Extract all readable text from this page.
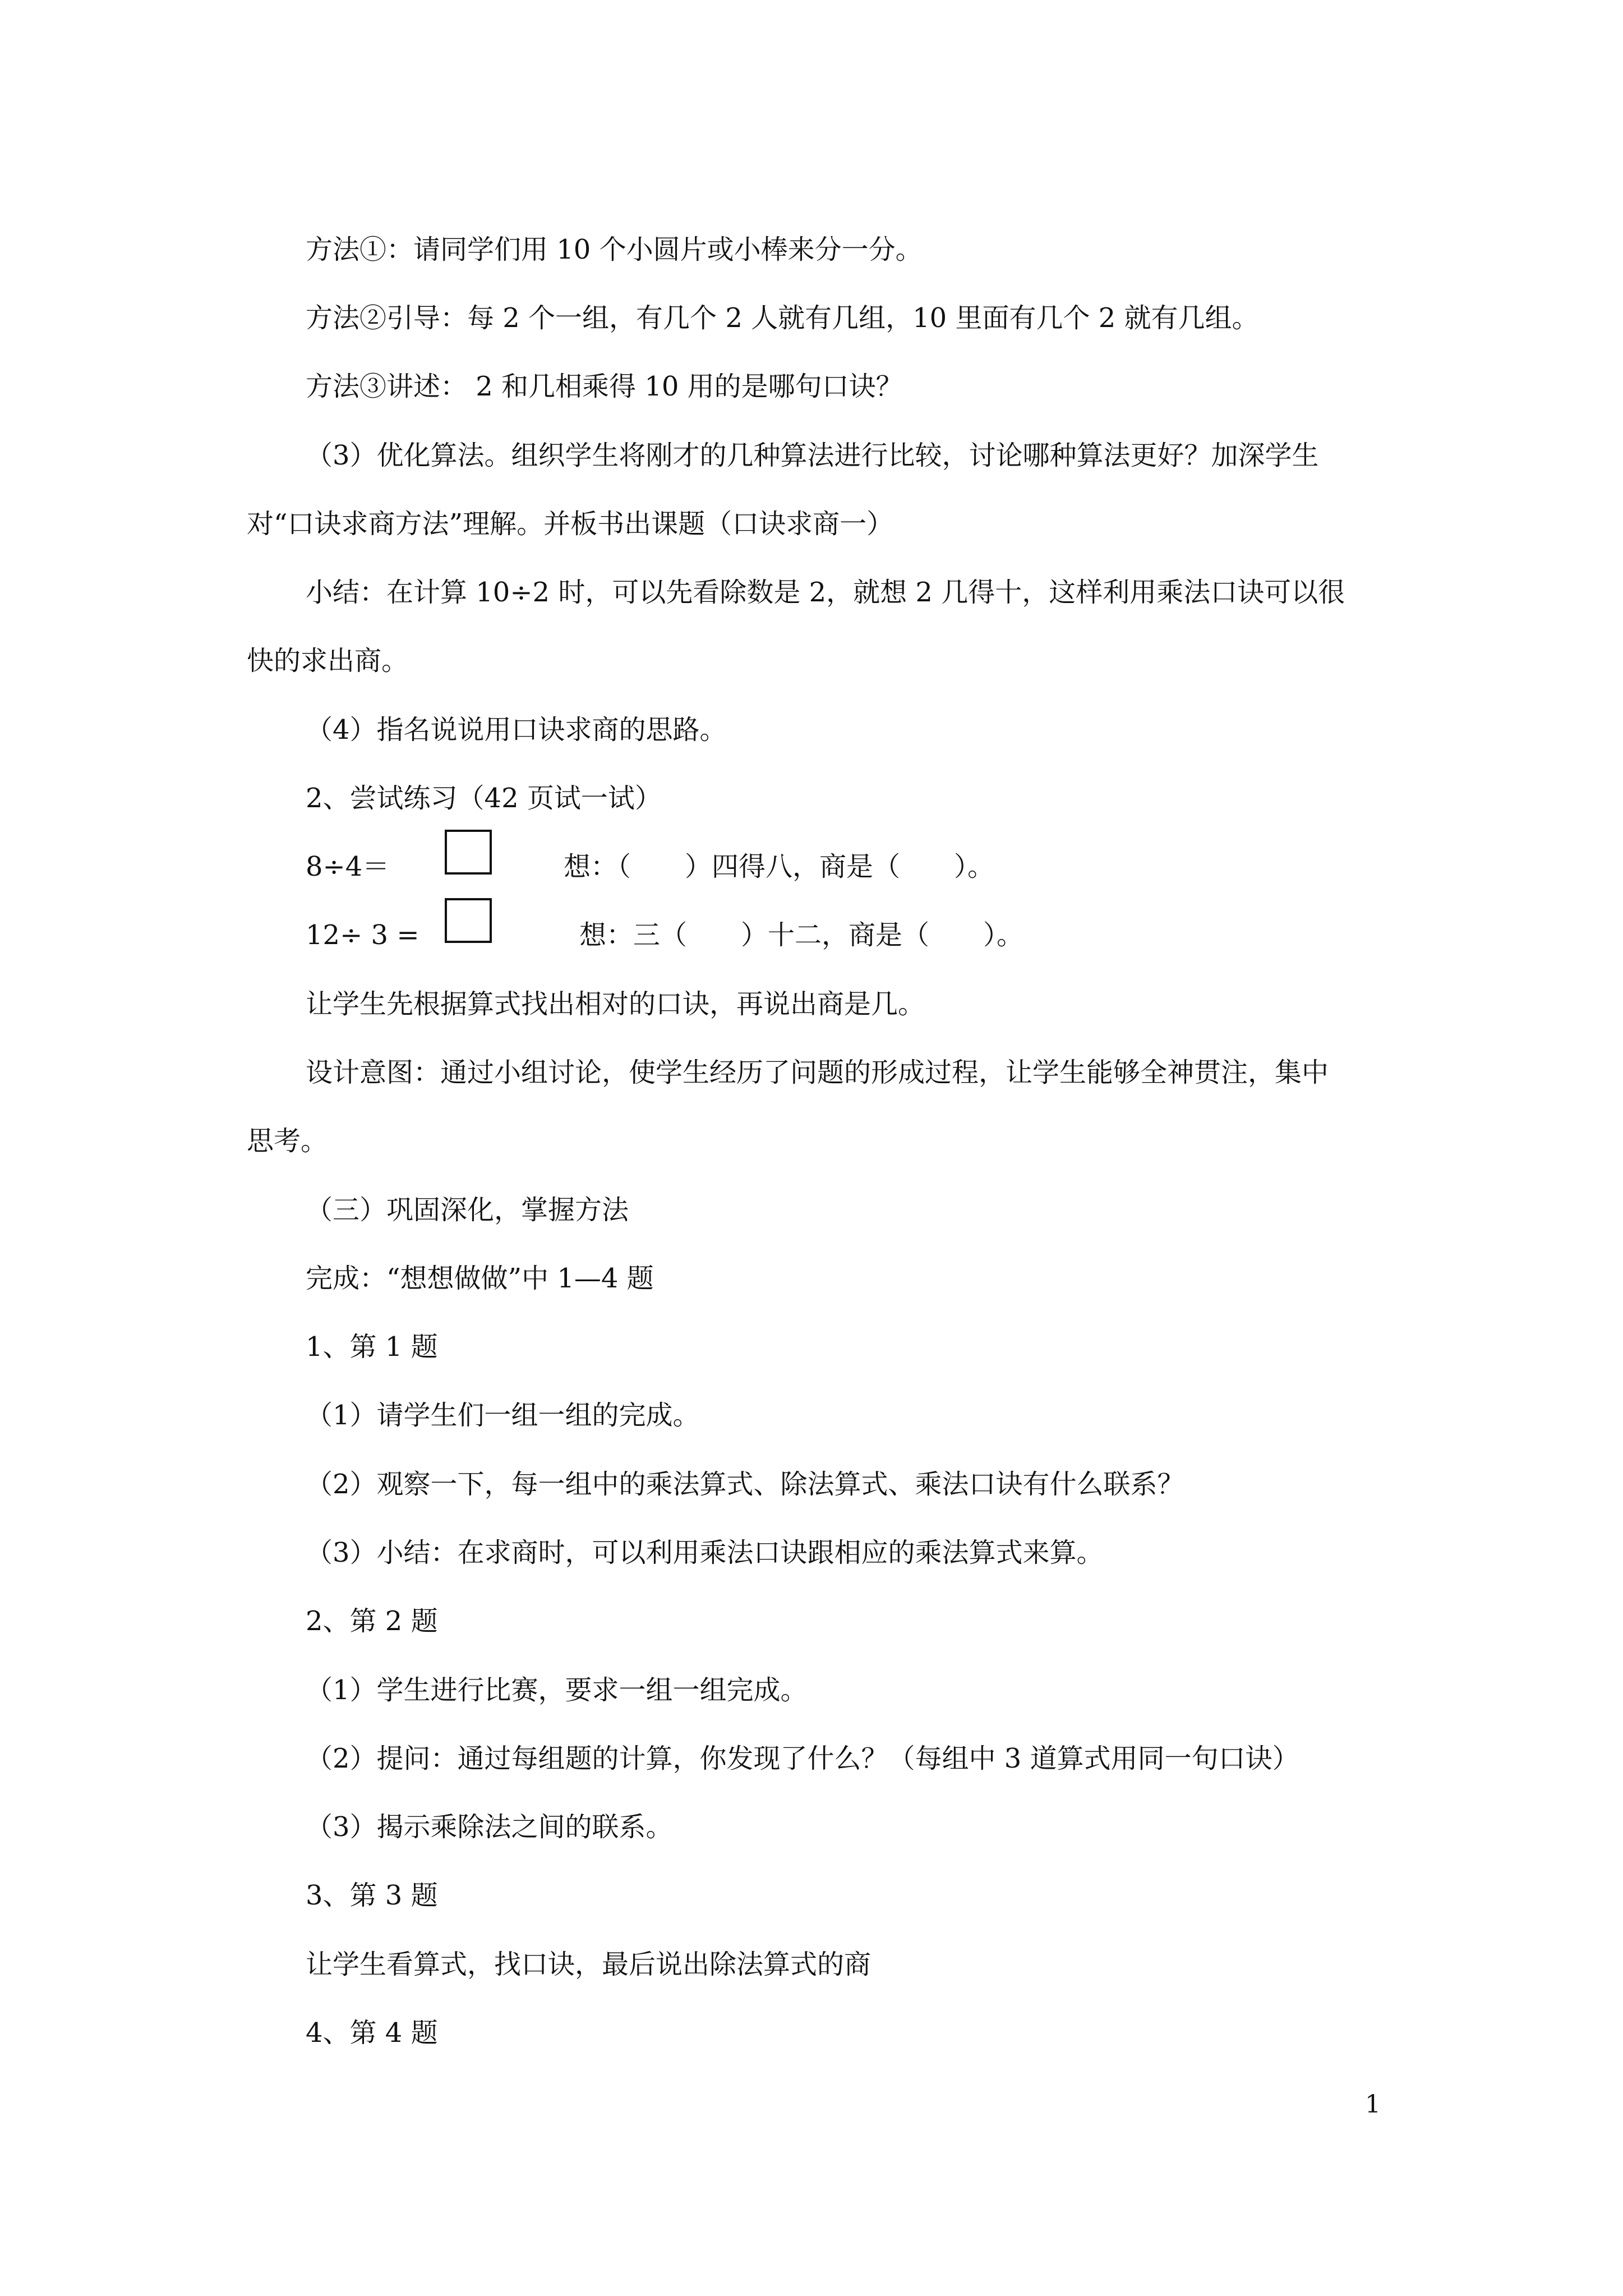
方法①：请同学们用 10 个小圆片或小棒来分一分。
方法②引导：每 2 个一组，有几个 2 人就有几组，10 里面有几个 2 就有几组。
方法③讲述： 2 和几相乘得 10 用的是哪句口诀？
（3）优化算法。组织学生将刚才的几种算法进行比较，讨论哪种算法更好？加深学生
对“口诀求商方法”理解。并板书出课题（口诀求商一）
小结：在计算 10÷2 时，可以先看除数是 2，就想 2 几得十，这样利用乘法口诀可以很
快的求出商。
（4）指名说说用口诀求商的思路。
2、尝试练习（42 页试一试）
8÷4＝	想：（　　）四得八，商是（　　）。
12÷ 3 =	想：三（　　）十二，商是（　　）。
让学生先根据算式找出相对的口诀，再说出商是几。
设计意图：通过小组讨论，使学生经历了问题的形成过程，让学生能够全神贯注，集中
思考。
（三）巩固深化，掌握方法
完成：“想想做做”中 1—4 题
1、第 1 题
（1）请学生们一组一组的完成。
（2）观察一下，每一组中的乘法算式、除法算式、乘法口诀有什么联系？
（3）小结：在求商时，可以利用乘法口诀跟相应的乘法算式来算。
2、第 2 题
（1）学生进行比赛，要求一组一组完成。
（2）提问：通过每组题的计算，你发现了什么？（每组中 3 道算式用同一句口诀）
（3）揭示乘除法之间的联系。
3、第 3 题
让学生看算式，找口诀，最后说出除法算式的商
4、第 4 题
1
